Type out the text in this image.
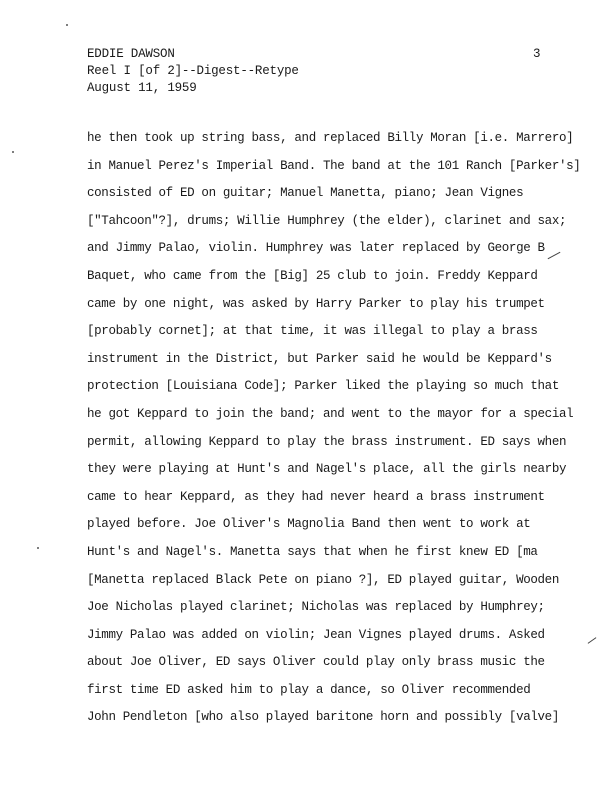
EDDIE DAWSON
Reel I [of 2]--Digest--Retype
August 11, 1959
3
he then took up string bass, and replaced Billy Moran [i.e. Marrero]
in Manuel Perez's Imperial Band. The band at the 101 Ranch [Parker's]
consisted of ED on guitar; Manuel Manetta, piano; Jean Vignes
["Tahcoon"?], drums; Willie Humphrey (the elder), clarinet and sax;
and Jimmy Palao, violin. Humphrey was later replaced by George B
Baquet, who came from the [Big] 25 club to join. Freddy Keppard
came by one night, was asked by Harry Parker to play his trumpet
[probably cornet]; at that time, it was illegal to play a brass
instrument in the District, but Parker said he would be Keppard's
protection [Louisiana Code]; Parker liked the playing so much that
he got Keppard to join the band; and went to the mayor for a special
permit, allowing Keppard to play the brass instrument. ED says when
they were playing at Hunt's and Nagel's place, all the girls nearby
came to hear Keppard, as they had never heard a brass instrument
played before. Joe Oliver's Magnolia Band then went to work at
Hunt's and Nagel's. Manetta says that when he first knew ED [ma
[Manetta replaced Black Pete on piano ?], ED played guitar, Wooden
Joe Nicholas played clarinet; Nicholas was replaced by Humphrey;
Jimmy Palao was added on violin; Jean Vignes played drums. Asked
about Joe Oliver, ED says Oliver could play only brass music the
first time ED asked him to play a dance, so Oliver recommended
John Pendleton [who also played baritone horn and possibly [valve]
